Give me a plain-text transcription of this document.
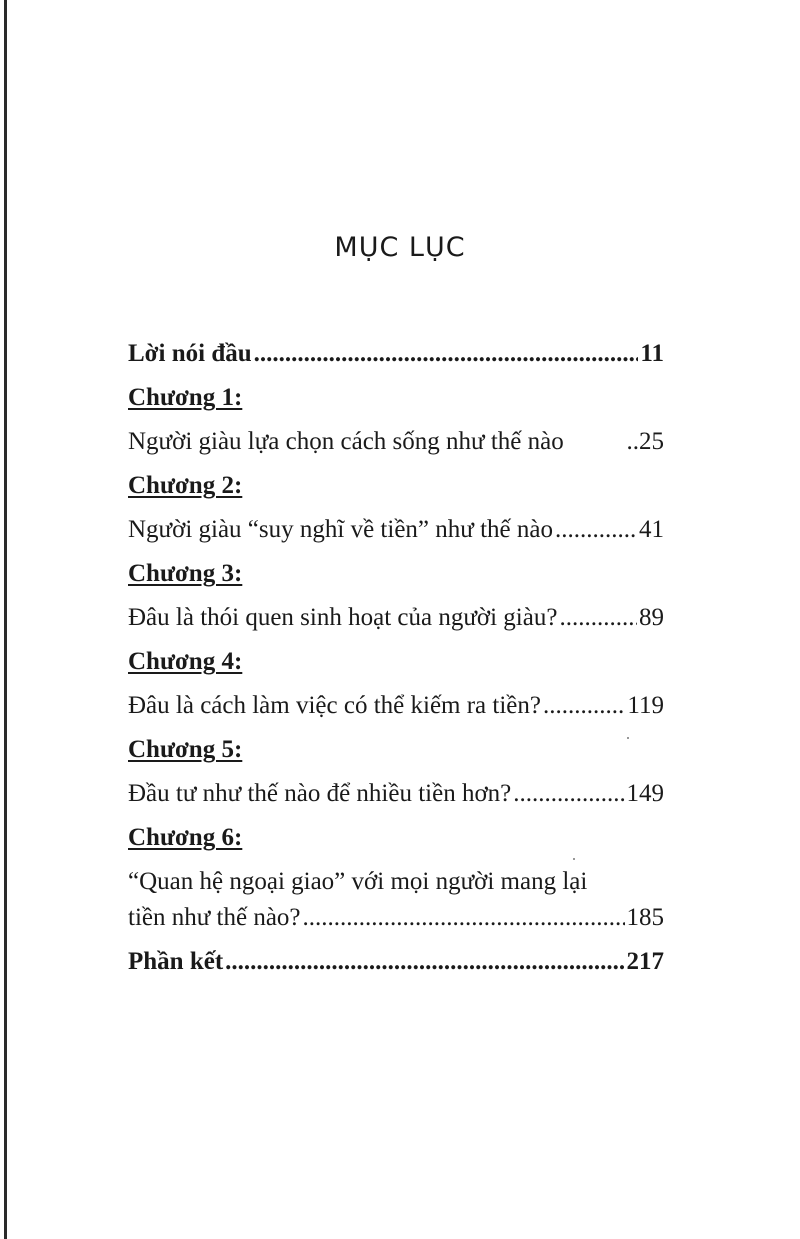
MỤC LỤC
Lời nói đầu .....	11
Chương 1:
Người giàu lựa chọn cách sống như thế nào	..25
Chương 2:
Người giàu “suy nghĩ về tiền” như thế nào .....	41
Chương 3:
Đâu là thói quen sinh hoạt của người giàu? .....	89
Chương 4:
Đâu là cách làm việc có thể kiếm ra tiền? .....	119
Chương 5:
Đầu tư như thế nào để nhiều tiền hơn? .....	149
Chương 6:
“Quan hệ ngoại giao” với mọi người mang lại
tiền như thế nào? .....	185
Phần kết .....	217
